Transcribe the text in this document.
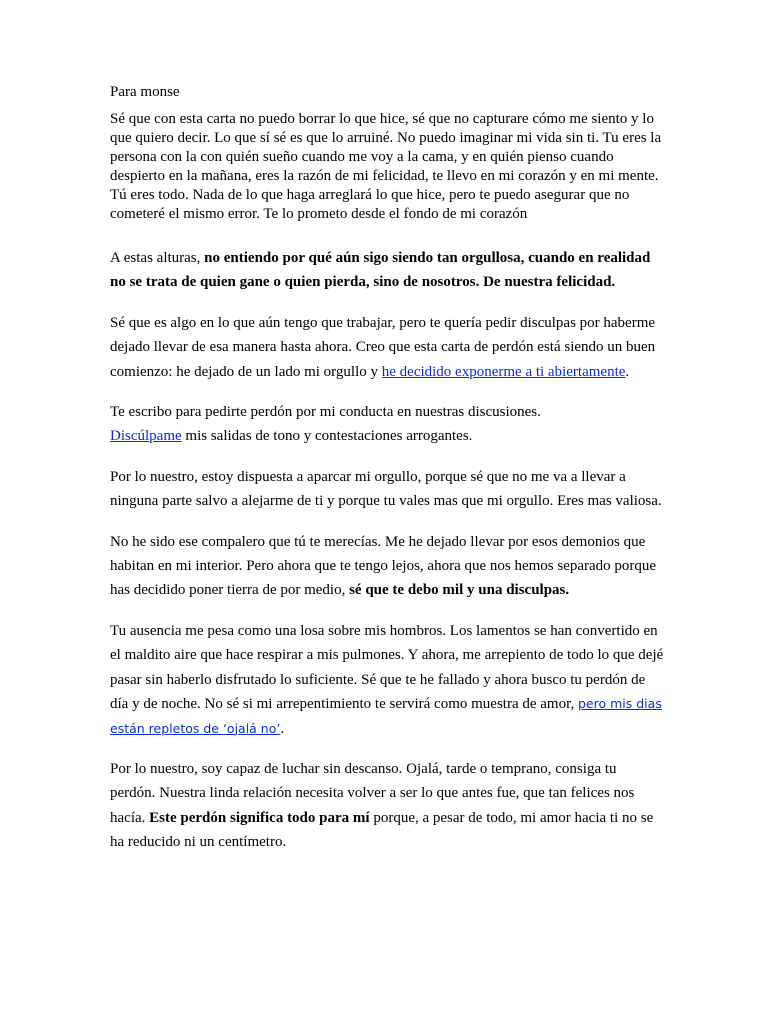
Para monse

Sé que con esta carta no puedo borrar lo que hice, sé que no capturare cómo me siento y lo que quiero decir. Lo que sí sé es que lo arruiné. No puedo imaginar mi vida sin ti. Tu eres la persona con la con quién sueño cuando me voy a la cama, y en quién pienso cuando despierto en la mañana, eres la razón de mi felicidad, te llevo en mi corazón y en mi mente. Tú eres todo. Nada de lo que haga arreglará lo que hice, pero te puedo asegurar que no cometeré el mismo error. Te lo prometo desde el fondo de mi corazón

A estas alturas, no entiendo por qué aún sigo siendo tan orgullosa, cuando en realidad no se trata de quien gane o quien pierda, sino de nosotros. De nuestra felicidad.

Sé que es algo en lo que aún tengo que trabajar, pero te quería pedir disculpas por haberme dejado llevar de esa manera hasta ahora. Creo que esta carta de perdón está siendo un buen comienzo: he dejado de un lado mi orgullo y he decidido exponerme a ti abiertamente.

Te escribo para pedirte perdón por mi conducta en nuestras discusiones.
Discúlpame mis salidas de tono y contestaciones arrogantes.

Por lo nuestro, estoy dispuesta a aparcar mi orgullo, porque sé que no me va a llevar a ninguna parte salvo a alejarme de ti y porque tu vales mas que mi orgullo. Eres mas valiosa.

No he sido ese compalero que tú te merecías. Me he dejado llevar por esos demonios que habitan en mi interior. Pero ahora que te tengo lejos, ahora que nos hemos separado porque has decidido poner tierra de por medio, sé que te debo mil y una disculpas.

Tu ausencia me pesa como una losa sobre mis hombros. Los lamentos se han convertido en el maldito aire que hace respirar a mis pulmones. Y ahora, me arrepiento de todo lo que dejé pasar sin haberlo disfrutado lo suficiente. Sé que te he fallado y ahora busco tu perdón de día y de noche. No sé si mi arrepentimiento te servirá como muestra de amor, pero mis dias están repletos de ‘ojalá no’.

Por lo nuestro, soy capaz de luchar sin descanso. Ojalá, tarde o temprano, consiga tu perdón. Nuestra linda relación necesita volver a ser lo que antes fue, que tan felices nos hacía. Este perdón significa todo para mí porque, a pesar de todo, mi amor hacia ti no se ha reducido ni un centímetro.
